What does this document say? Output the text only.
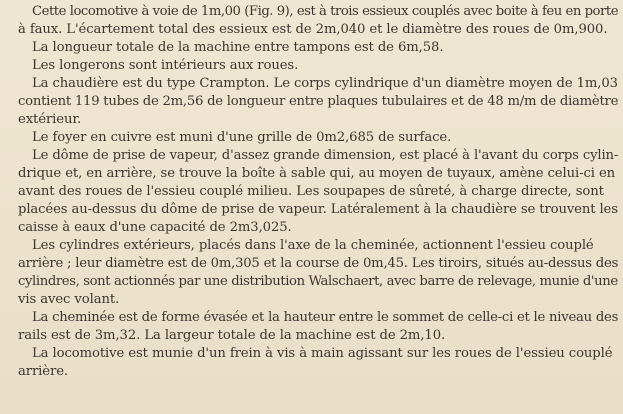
Cette locomotive à voie de 1m,00 (Fig. 9), est à trois essieux couplés avec boite à feu en porte
à faux. L'écartement total des essieux est de 2m,040 et le diamètre des roues de 0m,900.
La longueur totale de la machine entre tampons est de 6m,58.
Les longerons sont intérieurs aux roues.
La chaudière est du type Crampton. Le corps cylindrique d'un diamètre moyen de 1m,03
contient 119 tubes de 2m,56 de longueur entre plaques tubulaires et de 48 m/m de diamètre
extérieur.
Le foyer en cuivre est muni d'une grille de 0m2,685 de surface.
Le dôme de prise de vapeur, d'assez grande dimension, est placé à l'avant du corps cylin-
drique et, en arrière, se trouve la boîte à sable qui, au moyen de tuyaux, amène celui-ci en
avant des roues de l'essieu couplé milieu. Les soupapes de sûreté, à charge directe, sont
placées au-dessus du dôme de prise de vapeur. Latéralement à la chaudière se trouvent les
caisse à eaux d'une capacité de 2m3,025.
Les cylindres extérieurs, placés dans l'axe de la cheminée, actionnent l'essieu couplé
arrière ; leur diamètre est de 0m,305 et la course de 0m,45. Les tiroirs, situés au-dessus des
cylindres, sont actionnés par une distribution Walschaert, avec barre de relevage, munie d'une
vis avec volant.
La cheminée est de forme évasée et la hauteur entre le sommet de celle-ci et le niveau des
rails est de 3m,32. La largeur totale de la machine est de 2m,10.
La locomotive est munie d'un frein à vis à main agissant sur les roues de l'essieu couplé
arrière.
